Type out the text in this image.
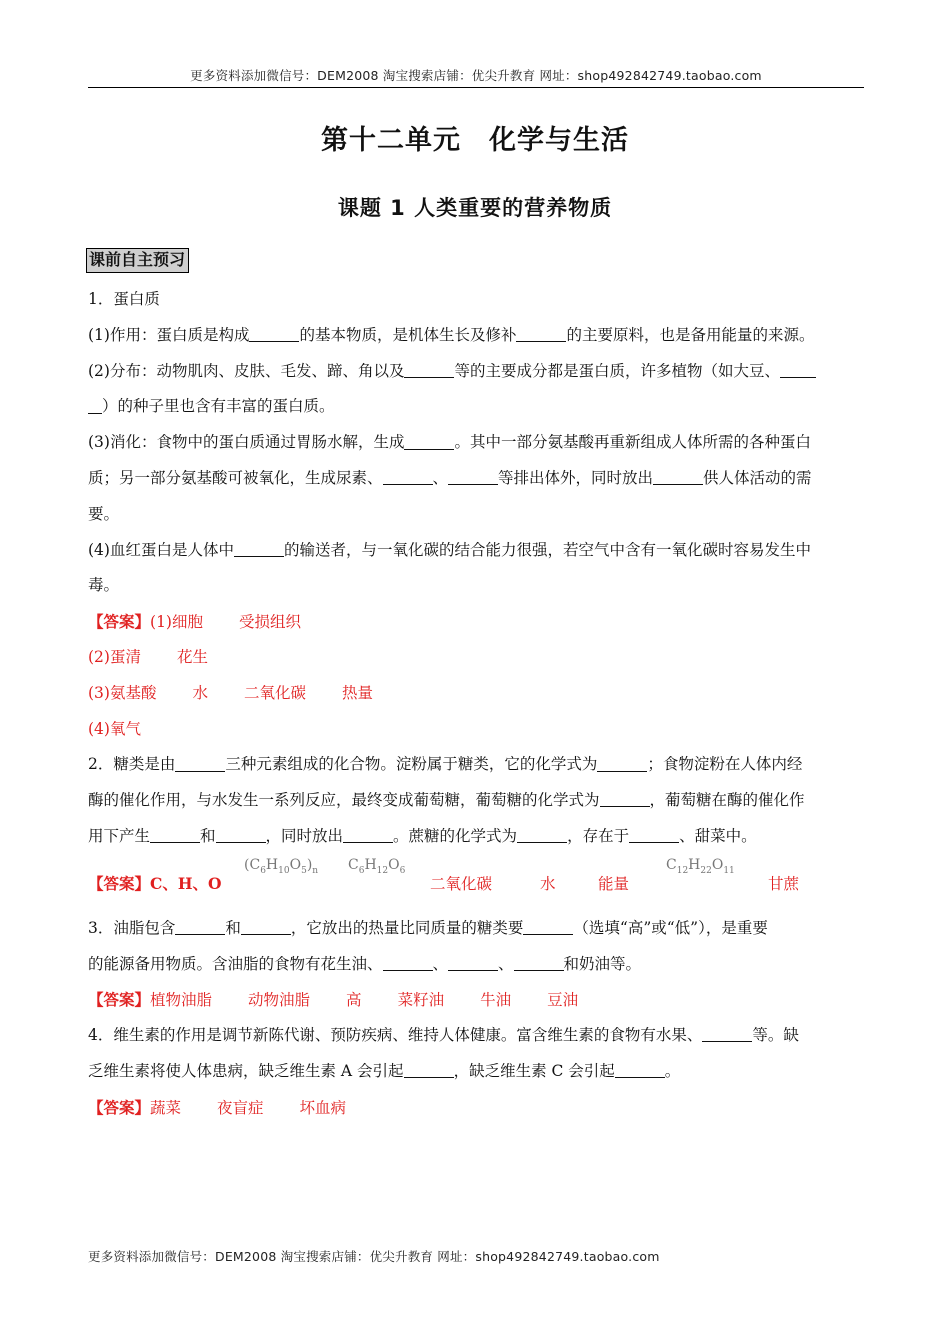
更多资料添加微信号：DEM2008 淘宝搜索店铺：优尖升教育 网址：shop492842749.taobao.com
第十二单元　化学与生活
课题 1 人类重要的营养物质
课前自主预习
1．蛋白质
(1)作用：蛋白质是构成	的基本物质，是机体生长及修补	的主要原料，也是备用能量的来源。
(2)分布：动物肌肉、皮肤、毛发、蹄、角以及	等的主要成分都是蛋白质，许多植物（如大豆、
）的种子里也含有丰富的蛋白质。
(3)消化：食物中的蛋白质通过胃肠水解，生成	。其中一部分氨基酸再重新组成人体所需的各种蛋白
质；另一部分氨基酸可被氧化，生成尿素、	、	等排出体外，同时放出	供人体活动的需
要。
(4)血红蛋白是人体中	的输送者，与一氧化碳的结合能力很强，若空气中含有一氧化碳时容易发生中
毒。
【答案】(1)细胞 受损组织
(2)蛋清 花生
(3)氨基酸 水 二氧化碳 热量
(4)氧气
2．糖类是由	三种元素组成的化合物。淀粉属于糖类，它的化学式为	；食物淀粉在人体内经
酶的催化作用，与水发生一系列反应，最终变成葡萄糖，葡萄糖的化学式为	，葡萄糖在酶的催化作
用下产生	和	，同时放出	。蔗糖的化学式为	，存在于	、甜菜中。
【答案】C、H、O
$(C_6H_{10}O_5)_n$ $C_6H_{12}O_6$
二氧化碳	水	能量
$C_{12}H_{22}O_{11}$
甘蔗
3．油脂包含	和	，它放出的热量比同质量的糖类要	（选填“高”或“低”），是重要
的能源备用物质。含油脂的食物有花生油、	、	、	和奶油等。
【答案】植物油脂 动物油脂 高 菜籽油 牛油 豆油
4．维生素的作用是调节新陈代谢、预防疾病、维持人体健康。富含维生素的食物有水果、	等。缺
乏维生素将使人体患病，缺乏维生素 A 会引起	，缺乏维生素 C 会引起	。
【答案】蔬菜 夜盲症 坏血病
更多资料添加微信号：DEM2008 淘宝搜索店铺：优尖升教育 网址：shop492842749.taobao.com
